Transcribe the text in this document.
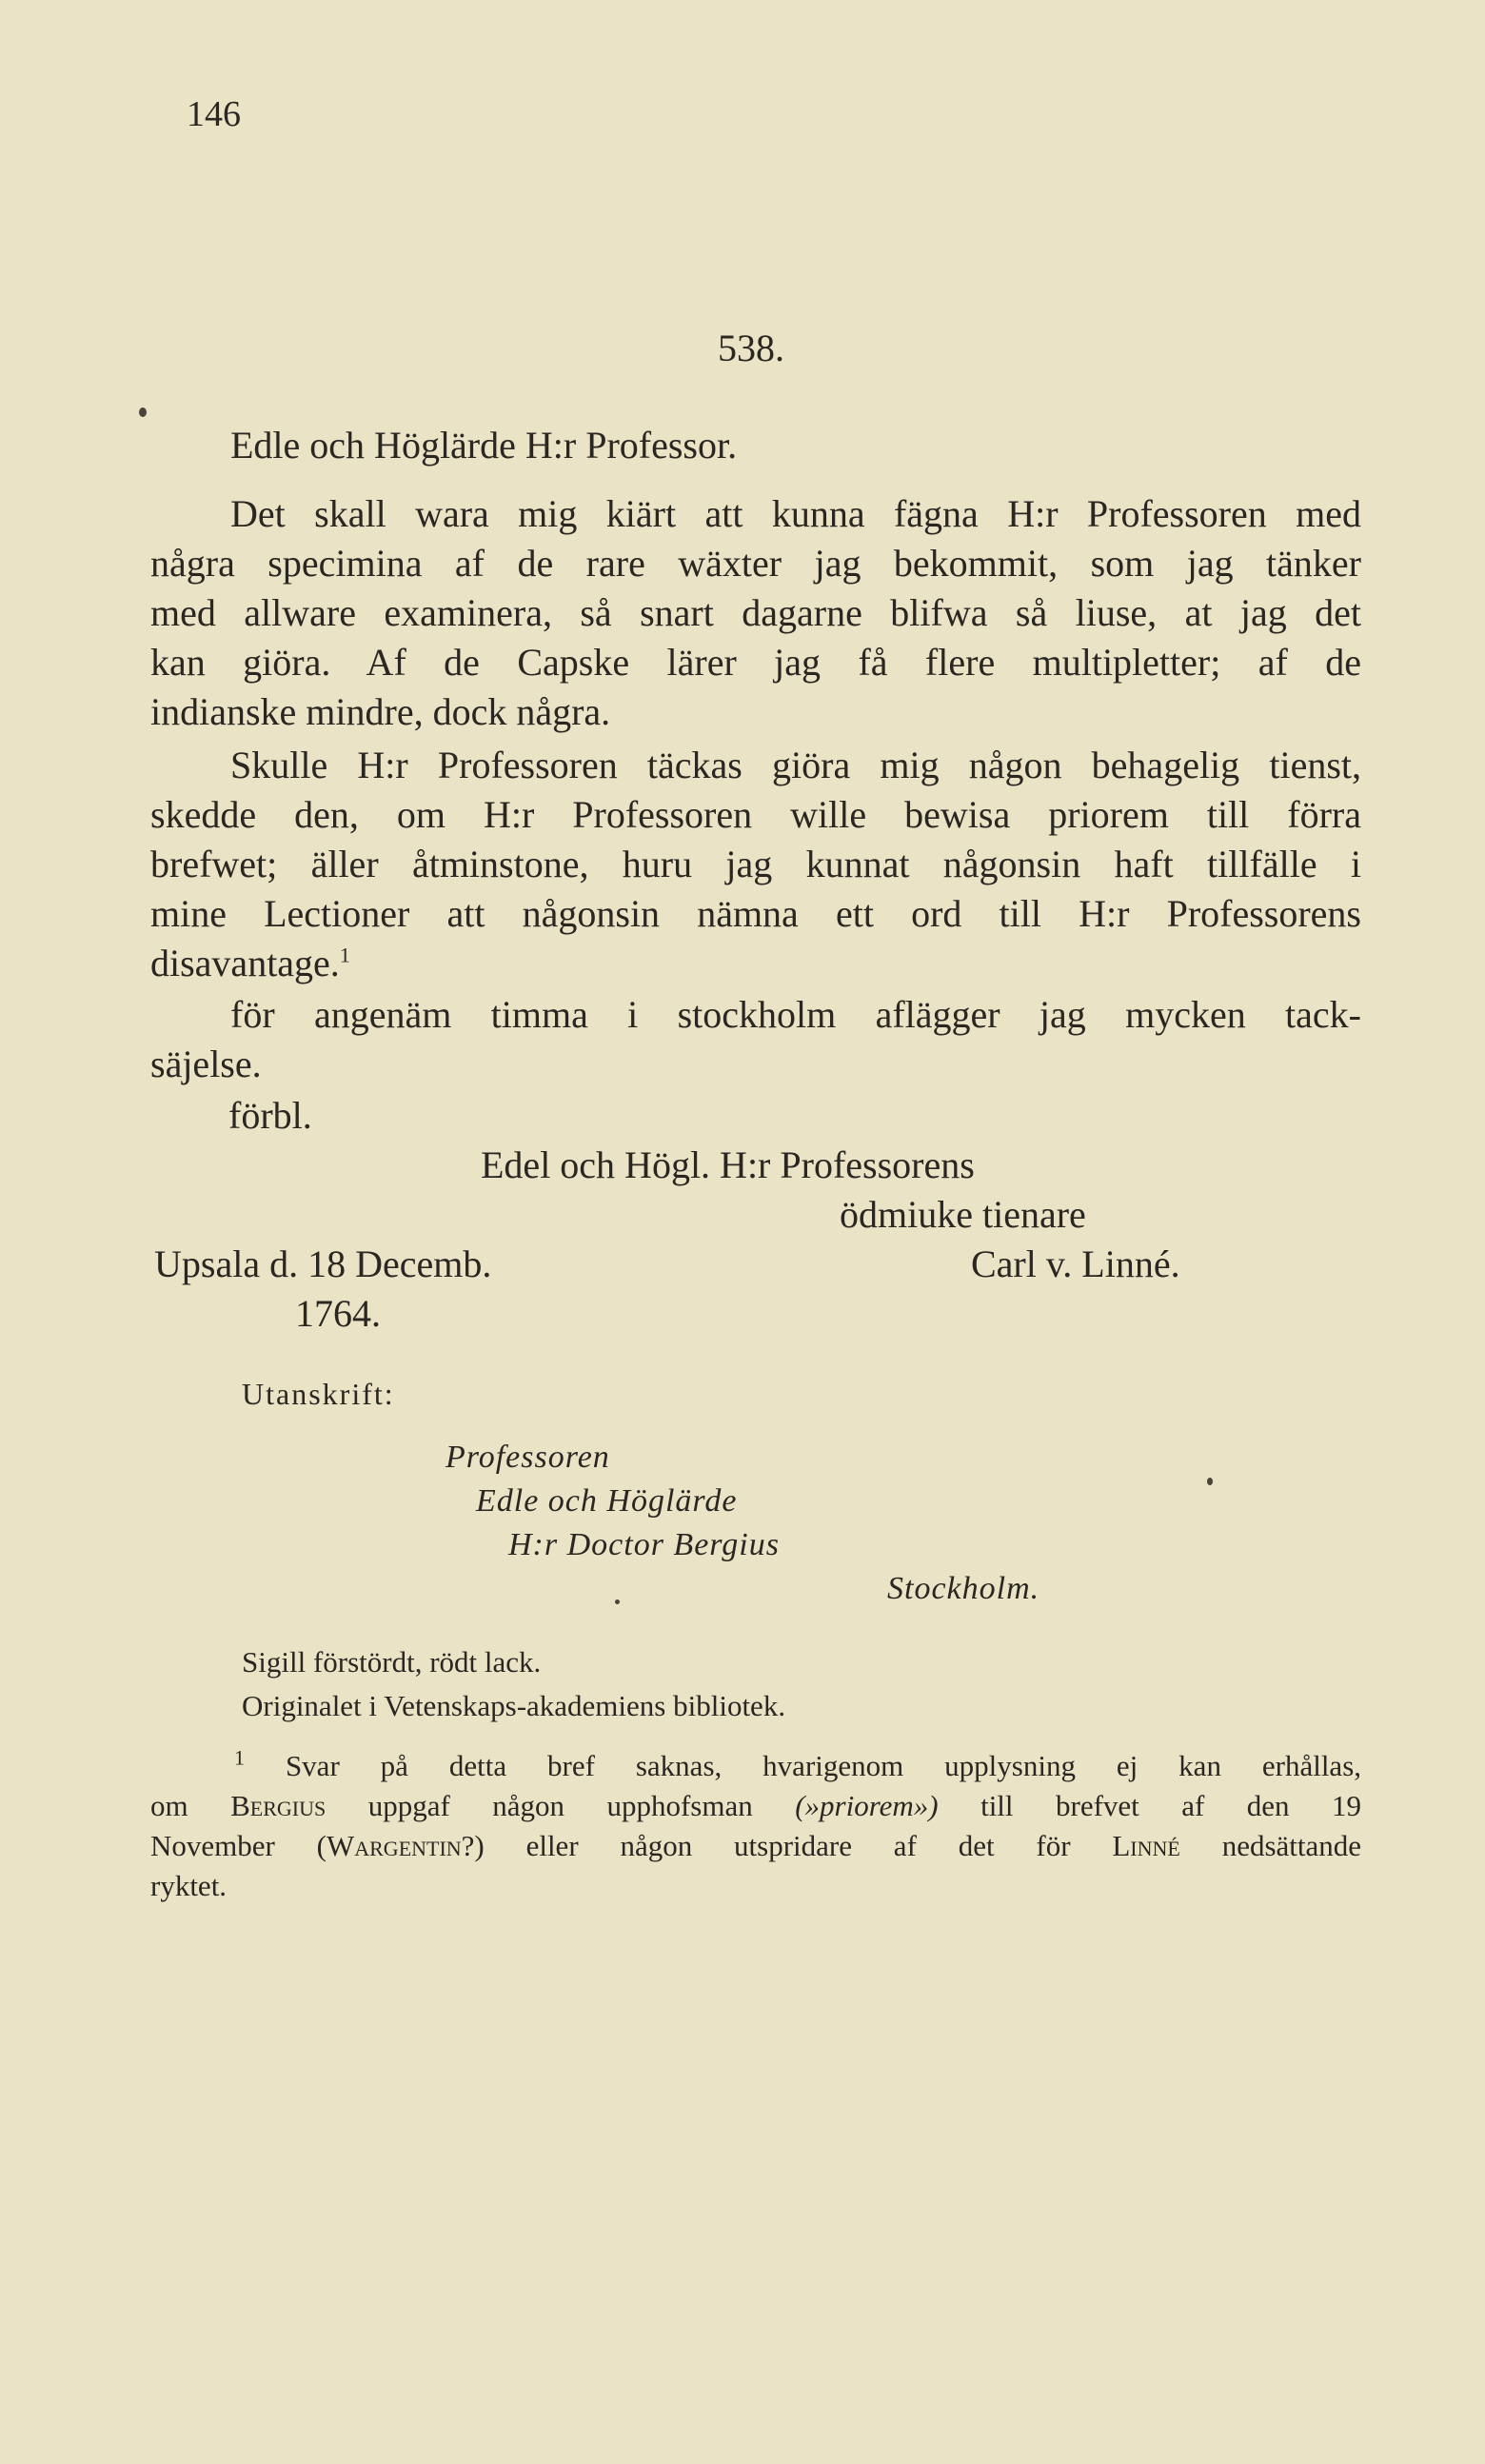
146
538.
Edle och Höglärde H:r Professor.

Det skall wara mig kiärt att kunna fägna H:r Professoren med

några specimina af de rare wäxter jag bekommit, som jag tänker

med allware examinera, så snart dagarne blifwa så liuse, at jag det

kan giöra. Af de Capske lärer jag få flere multipletter; af de

indianske mindre, dock några.

Skulle H:r Professoren täckas giöra mig någon behagelig tienst,

skedde den, om H:r Professoren wille bewisa priorem till förra

brefwet; äller åtminstone, huru jag kunnat någonsin haft tillfälle i

mine Lectioner att någonsin nämna ett ord till H:r Professorens

disavantage.$^1$

för angenäm timma i stockholm aflägger jag mycken tack-

säjelse.

förbl.
Edel och Högl. H:r Professorens
ödmiuke tienare
Upsala d. 18 Decemb.	Carl v. Linné.
1764.
Utanskrift:
Professoren
Edle och Höglärde
H:r Doctor Bergius
Stockholm.
Sigill förstördt, rödt lack.
Originalet i Vetenskaps-akademiens bibliotek.

$^1$ Svar på detta bref saknas, hvarigenom upplysning ej kan erhållas,

om Bergius uppgaf någon upphofsman (»priorem») till brefvet af den 19

November (Wargentin?) eller någon utspridare af det för Linné nedsättande

ryktet.
